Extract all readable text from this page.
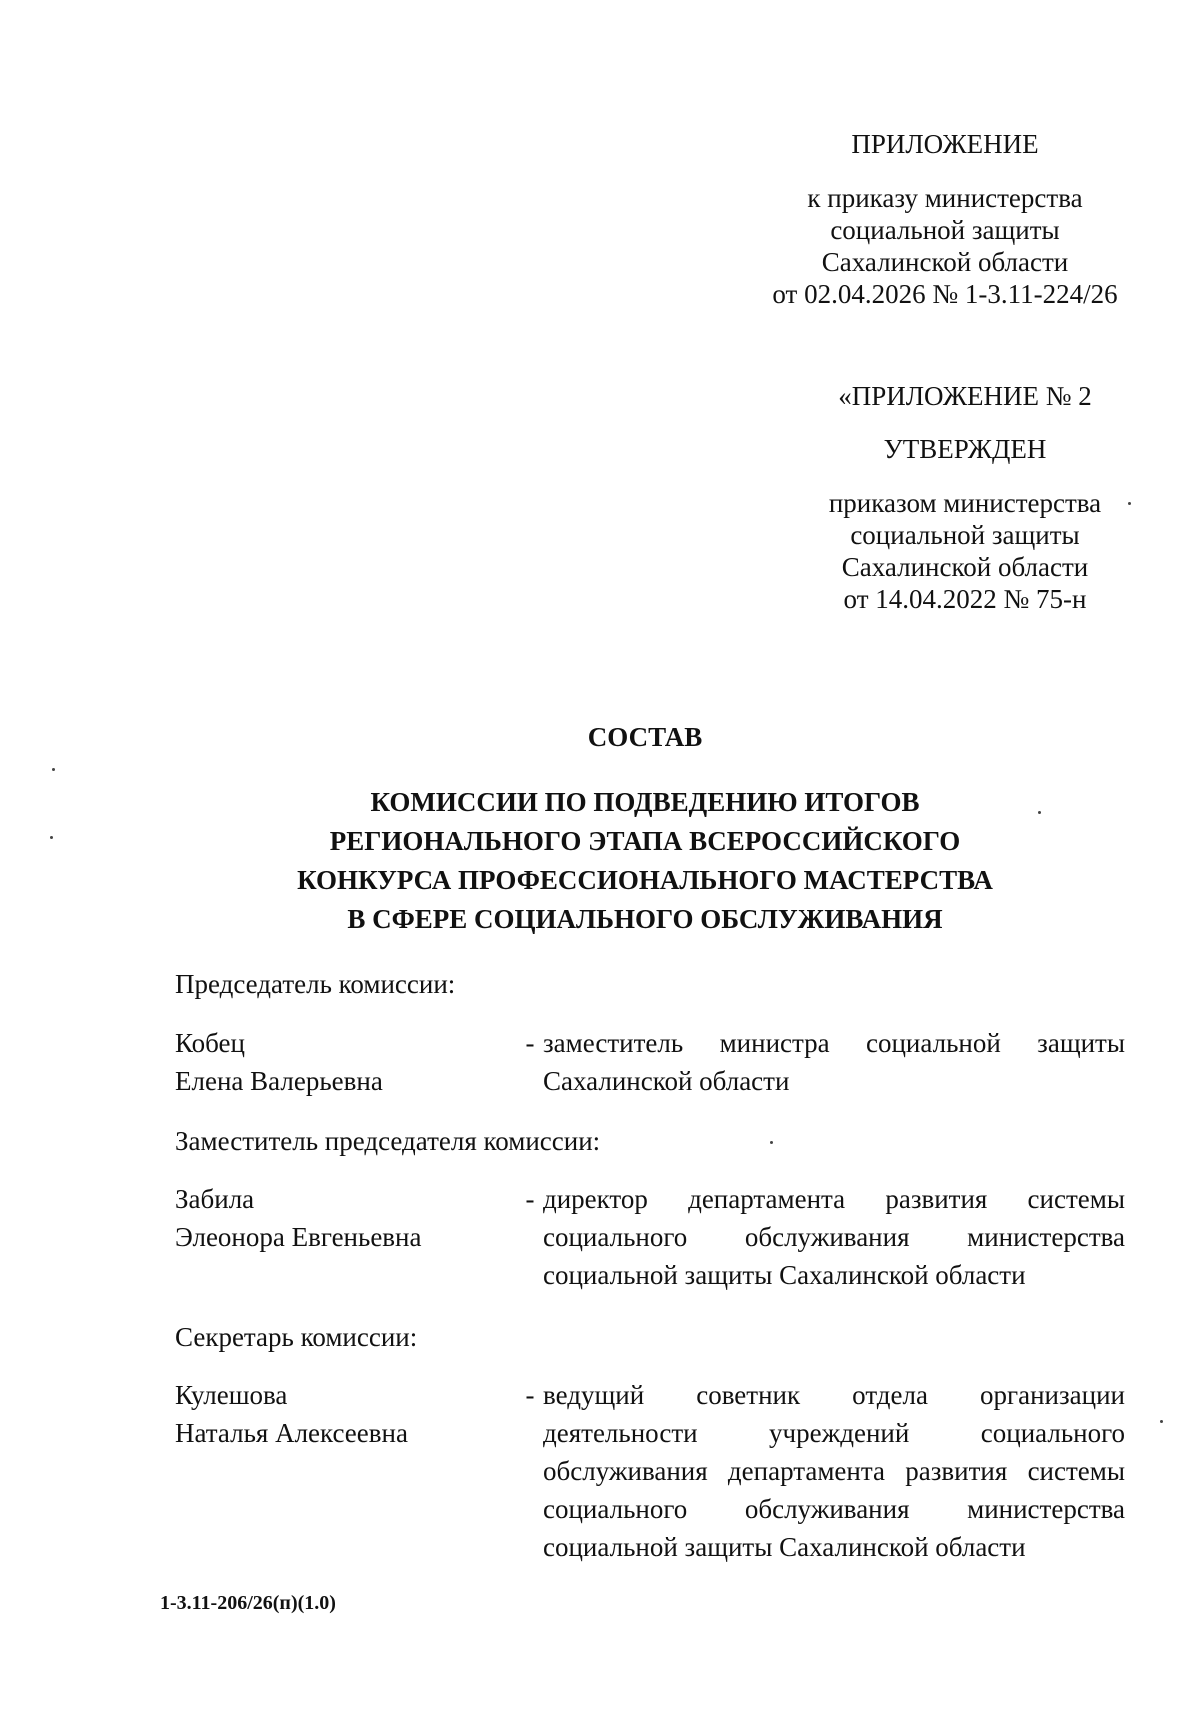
ПРИЛОЖЕНИЕ
к приказу министерства
социальной защиты
Сахалинской области
от 02.04.2026 № 1-3.11-224/26
«ПРИЛОЖЕНИЕ № 2
УТВЕРЖДЕН
приказом министерства
социальной защиты
Сахалинской области
от 14.04.2022 № 75-н
СОСТАВ
КОМИССИИ ПО ПОДВЕДЕНИЮ ИТОГОВ
РЕГИОНАЛЬНОГО ЭТАПА ВСЕРОССИЙСКОГО
КОНКУРСА ПРОФЕССИОНАЛЬНОГО МАСТЕРСТВА
В СФЕРЕ СОЦИАЛЬНОГО ОБСЛУЖИВАНИЯ
Председатель комиссии:
Кобец
Елена Валерьевна
- заместитель министра социальной защиты Сахалинской области
Заместитель председателя комиссии:
Забила
Элеонора Евгеньевна
- директор департамента развития системы социального обслуживания министерства социальной защиты Сахалинской области
Секретарь комиссии:
Кулешова
Наталья Алексеевна
- ведущий советник отдела организации деятельности учреждений социального обслуживания департамента развития системы социального обслуживания министерства социальной защиты Сахалинской области
1-3.11-206/26(п)(1.0)
